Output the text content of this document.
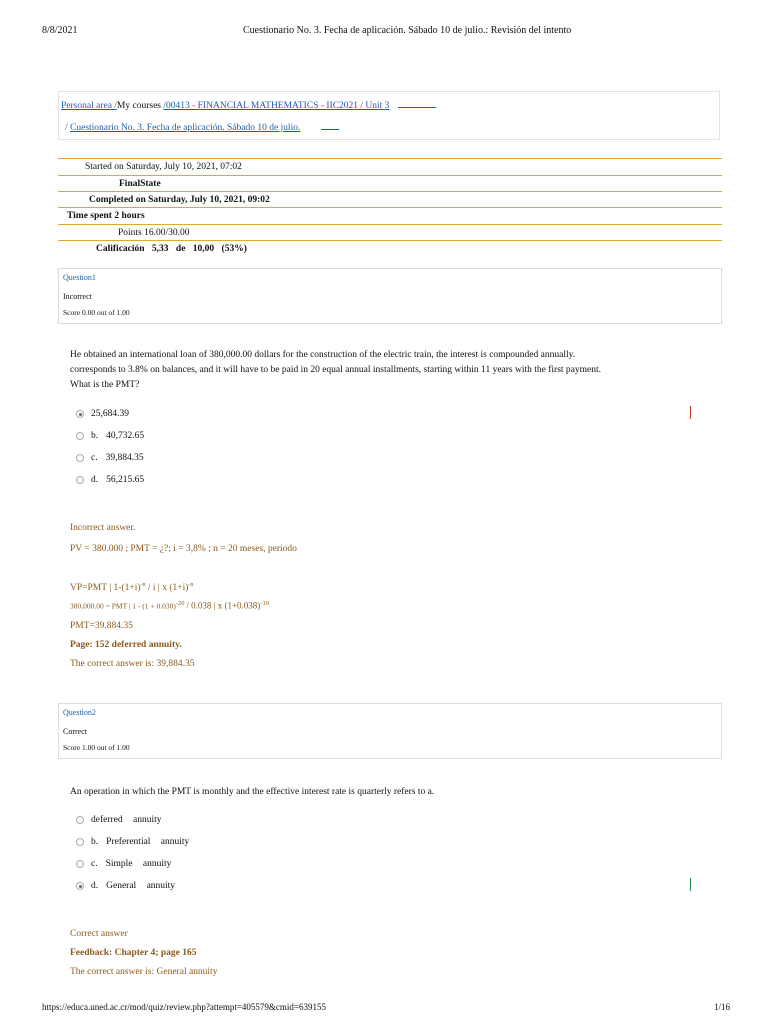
8/8/2021	Cuestionario No. 3. Fecha de aplicación. Sábado 10 de julio.: Revisión del intento
Personal area /My courses /00413 - FINANCIAL MATHEMATICS - IIC2021 / Unit 3
/ Cuestionario No. 3. Fecha de aplicación. Sábado 10 de julio.
Started on Saturday, July 10, 2021, 07:02
FinalState
Completed on Saturday, July 10, 2021, 09:02
Time spent 2 hours
Points 16.00/30.00
Calificación 5,33 de 10,00 (53%)
Question1
Incorrect
Score 0.00 out of 1.00
He obtained an international loan of 380,000.00 dollars for the construction of the electric train, the interest is compounded annually.
corresponds to 3.8% on balances, and it will have to be paid in 20 equal annual installments, starting within 11 years with the first payment.
What is the PMT?
25,684.39
b. 40,732.65
c. 39,884.35
d. 56,215.65
Incorrect answer.
PV = 380.000 ; PMT = ¿?; i = 3,8% ; n = 20 meses, periodo
VP=PMT | $1-(1+i)^{-n} / i$ | x $(1+i)^{-n}$
380,000.00 = PMT | $1 - (1 + 0.038)^{-20} / 0.038$ | x $(1+0.038)^{-10}$
PMT=39.884.35
Page: 152 deferred annuity.
The correct answer is: 39,884.35
Question2
Correct
Score 1.00 out of 1.00
An operation in which the PMT is monthly and the effective interest rate is quarterly refers to a.
deferred annuity
b. Preferential annuity
c. Simple annuity
d. General annuity
Correct answer
Feedback: Chapter 4; page 165
The correct answer is: General annuity
https://educa.uned.ac.cr/mod/quiz/review.php?attempt=405579&cmid=639155	1/16
